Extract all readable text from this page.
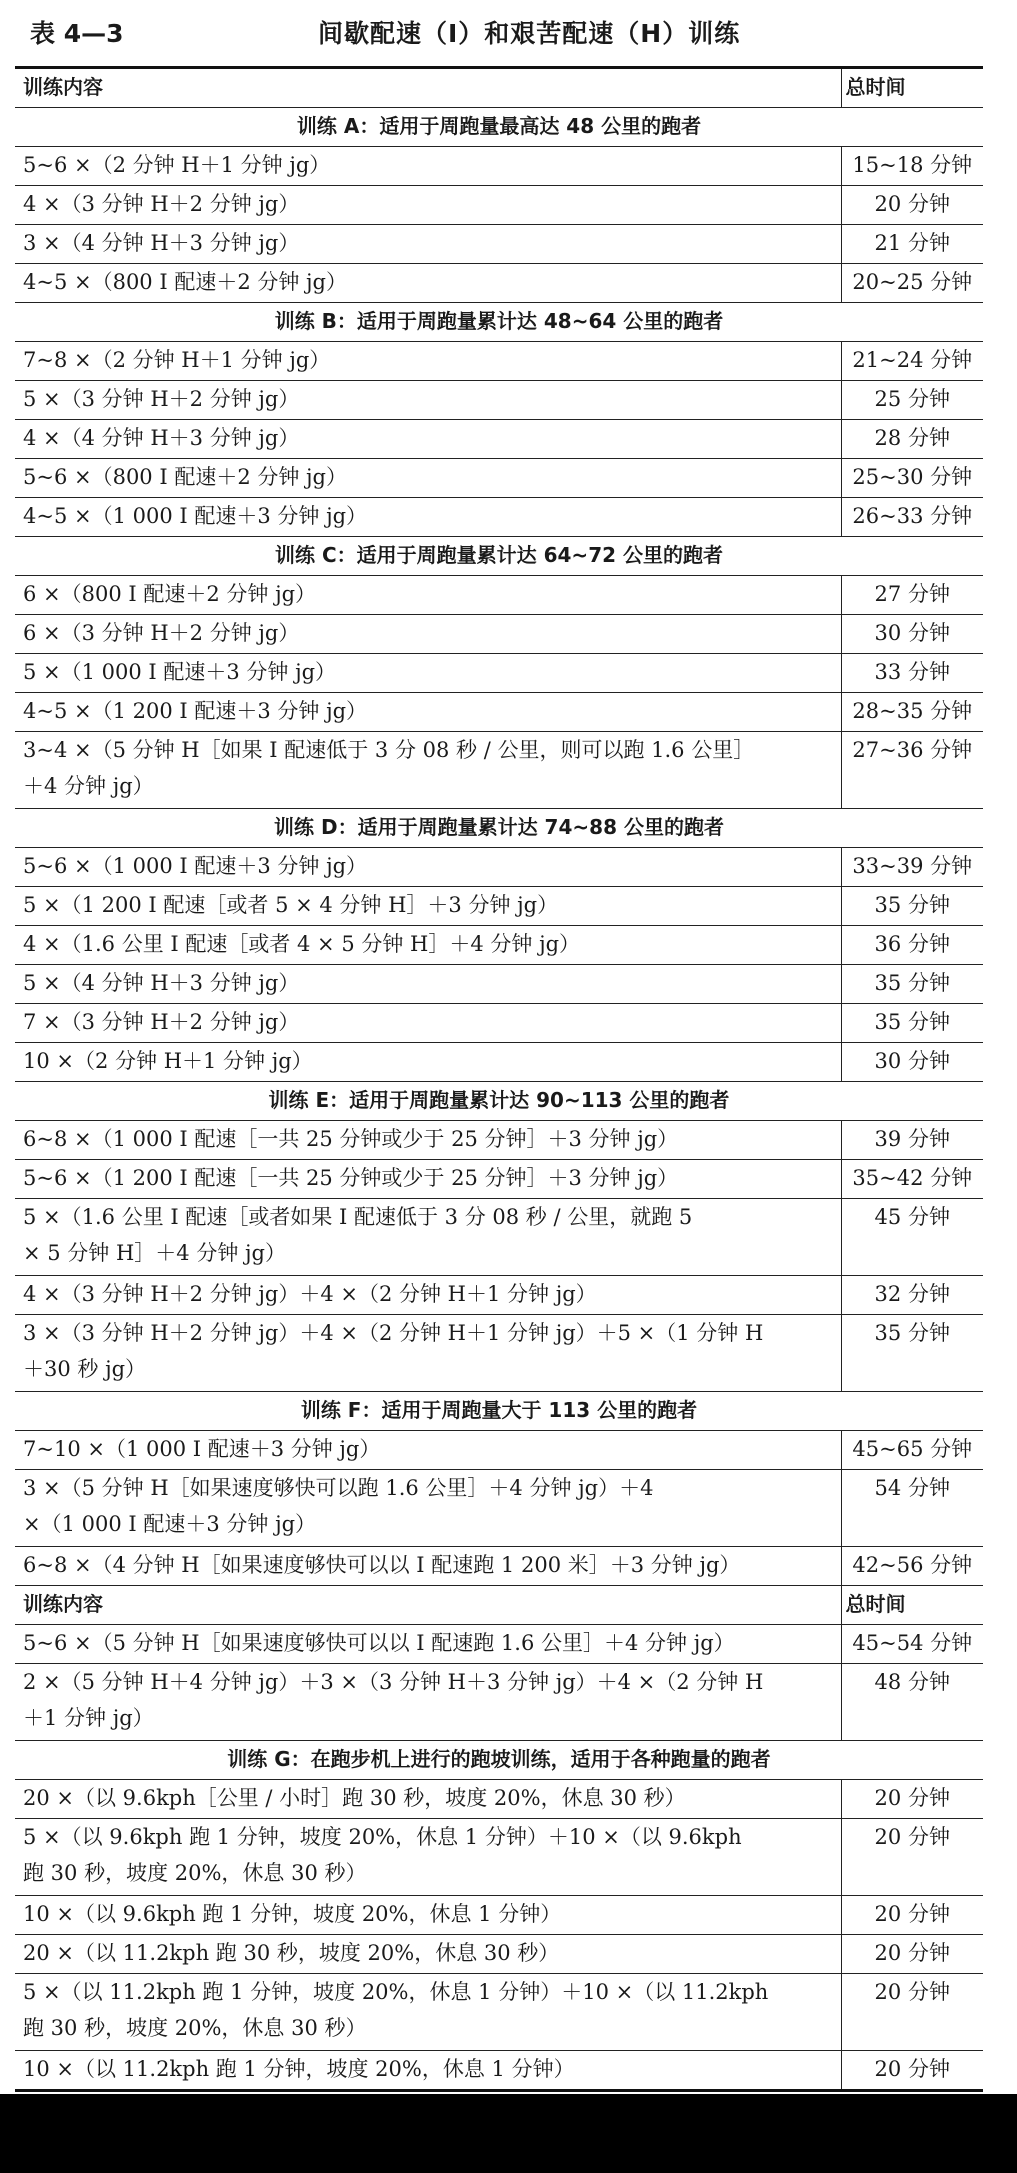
表 4—3	间歇配速（I）和艰苦配速（H）训练
训练内容	总时间
训练 A：适用于周跑量最高达 48 公里的跑者	

5~6 ×（2 分钟 H＋1 分钟 jg）	15~18 分钟

4 ×（3 分钟 H＋2 分钟 jg）	20 分钟

3 ×（4 分钟 H＋3 分钟 jg）	21 分钟

4~5 ×（800 I 配速＋2 分钟 jg）	20~25 分钟
训练 B：适用于周跑量累计达 48~64 公里的跑者	

7~8 ×（2 分钟 H＋1 分钟 jg）	21~24 分钟

5 ×（3 分钟 H＋2 分钟 jg）	25 分钟

4 ×（4 分钟 H＋3 分钟 jg）	28 分钟

5~6 ×（800 I 配速＋2 分钟 jg）	25~30 分钟

4~5 ×（1 000 I 配速＋3 分钟 jg）	26~33 分钟
训练 C：适用于周跑量累计达 64~72 公里的跑者	

6 ×（800 I 配速＋2 分钟 jg）	27 分钟

6 ×（3 分钟 H＋2 分钟 jg）	30 分钟

5 ×（1 000 I 配速＋3 分钟 jg）	33 分钟

4~5 ×（1 200 I 配速＋3 分钟 jg）	28~35 分钟

3~4 ×（5 分钟 H［如果 I 配速低于 3 分 08 秒 / 公里，则可以跑 1.6 公里］
＋4 分钟 jg）	27~36 分钟
训练 D：适用于周跑量累计达 74~88 公里的跑者	

5~6 ×（1 000 I 配速＋3 分钟 jg）	33~39 分钟

5 ×（1 200 I 配速［或者 5 × 4 分钟 H］＋3 分钟 jg）	35 分钟

4 ×（1.6 公里 I 配速［或者 4 × 5 分钟 H］＋4 分钟 jg）	36 分钟

5 ×（4 分钟 H＋3 分钟 jg）	35 分钟

7 ×（3 分钟 H＋2 分钟 jg）	35 分钟

10 ×（2 分钟 H＋1 分钟 jg）	30 分钟
训练 E：适用于周跑量累计达 90~113 公里的跑者	

6~8 ×（1 000 I 配速［一共 25 分钟或少于 25 分钟］＋3 分钟 jg）	39 分钟

5~6 ×（1 200 I 配速［一共 25 分钟或少于 25 分钟］＋3 分钟 jg）	35~42 分钟

5 ×（1.6 公里 I 配速［或者如果 I 配速低于 3 分 08 秒 / 公里，就跑 5
× 5 分钟 H］＋4 分钟 jg）	45 分钟

4 ×（3 分钟 H＋2 分钟 jg）＋4 ×（2 分钟 H＋1 分钟 jg）	32 分钟

3 ×（3 分钟 H＋2 分钟 jg）＋4 ×（2 分钟 H＋1 分钟 jg）＋5 ×（1 分钟 H
＋30 秒 jg）	35 分钟
训练 F：适用于周跑量大于 113 公里的跑者	

7~10 ×（1 000 I 配速＋3 分钟 jg）	45~65 分钟

3 ×（5 分钟 H［如果速度够快可以跑 1.6 公里］＋4 分钟 jg）＋4
×（1 000 I 配速＋3 分钟 jg）	54 分钟

6~8 ×（4 分钟 H［如果速度够快可以以 I 配速跑 1 200 米］＋3 分钟 jg）	42~56 分钟
训练内容	总时间

5~6 ×（5 分钟 H［如果速度够快可以以 I 配速跑 1.6 公里］＋4 分钟 jg）	45~54 分钟

2 ×（5 分钟 H＋4 分钟 jg）＋3 ×（3 分钟 H＋3 分钟 jg）＋4 ×（2 分钟 H
＋1 分钟 jg）	48 分钟
训练 G：在跑步机上进行的跑坡训练，适用于各种跑量的跑者	

20 ×（以 9.6kph［公里 / 小时］跑 30 秒，坡度 20%，休息 30 秒）	20 分钟

5 ×（以 9.6kph 跑 1 分钟，坡度 20%，休息 1 分钟）＋10 ×（以 9.6kph
跑 30 秒，坡度 20%，休息 30 秒）	20 分钟

10 ×（以 9.6kph 跑 1 分钟，坡度 20%，休息 1 分钟）	20 分钟

20 ×（以 11.2kph 跑 30 秒，坡度 20%，休息 30 秒）	20 分钟

5 ×（以 11.2kph 跑 1 分钟，坡度 20%，休息 1 分钟）＋10 ×（以 11.2kph
跑 30 秒，坡度 20%，休息 30 秒）	20 分钟

10 ×（以 11.2kph 跑 1 分钟，坡度 20%，休息 1 分钟）	20 分钟
